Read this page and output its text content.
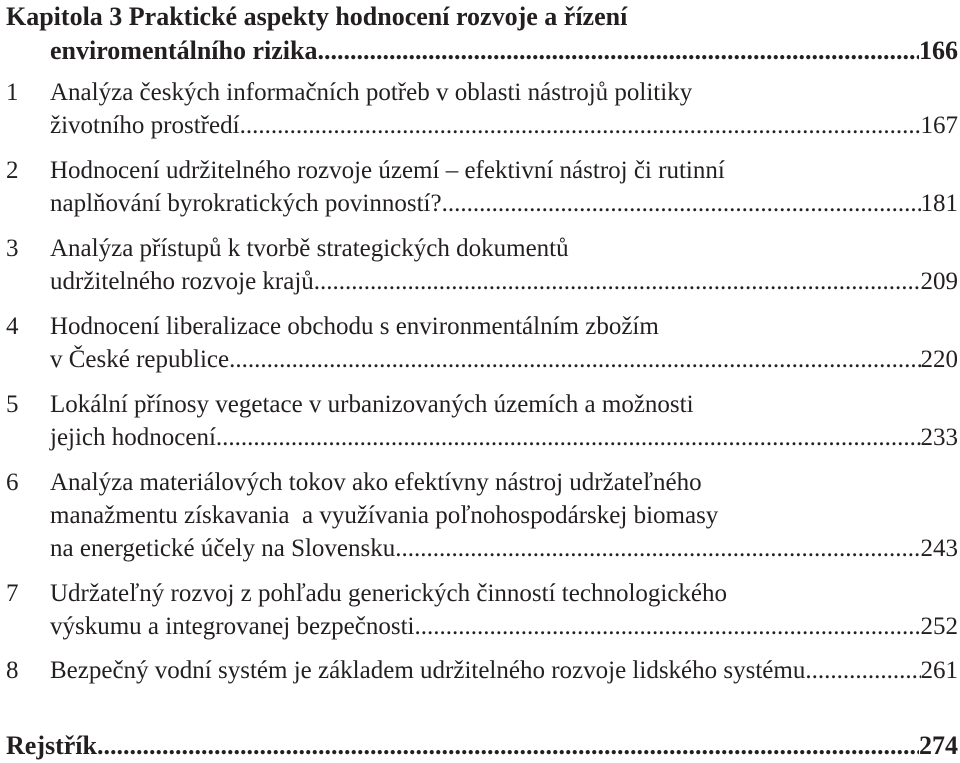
Kapitola 3 Praktické aspekty hodnocení rozvoje a řízení
enviromentálního rizika .....	166
1	Analýza českých informačních potřeb v oblasti nástrojů politiky
životního prostředí .....	167
2	Hodnocení udržitelného rozvoje území – efektivní nástroj či rutinní
naplňování byrokratických povinností? .....	181
3	Analýza přístupů k tvorbě strategických dokumentů
udržitelného rozvoje krajů .....	209
4	Hodnocení liberalizace obchodu s environmentálním zbožím
v České republice .....	220
5	Lokální přínosy vegetace v urbanizovaných územích a možnosti
jejich hodnocení .....	233
6	Analýza materiálových tokov ako efektívny nástroj udržateľného
manažmentu získavania  a využívania poľnohospodárskej biomasy
na energetické účely na Slovensku .....	243
7	Udržateľný rozvoj z pohľadu generických činností technologického
výskumu a integrovanej bezpečnosti .....	252
8	Bezpečný vodní systém je základem udržitelného rozvoje lidského systému .....	261
Rejstřík .....	274
